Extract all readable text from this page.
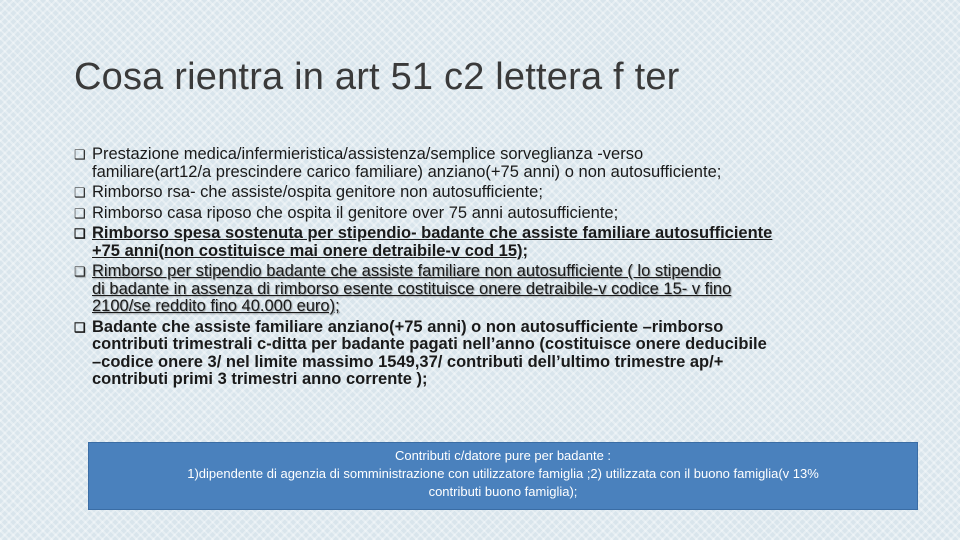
Cosa rientra in art 51 c2 lettera f ter
❑ Prestazione medica/infermieristica/assistenza/semplice sorveglianza -verso
familiare(art12/a prescindere carico familiare) anziano(+75 anni) o non autosufficiente;
❑ Rimborso rsa- che assiste/ospita genitore non autosufficiente;
❑ Rimborso casa riposo che ospita il genitore over 75 anni autosufficiente;
❑ Rimborso spesa sostenuta per stipendio- badante che assiste familiare autosufficiente
+75 anni(non costituisce mai onere detraibile-v cod 15);
❑ Rimborso per stipendio badante che assiste familiare non autosufficiente ( lo stipendio
di badante in assenza di rimborso esente costituisce onere detraibile-v codice 15- v fino
2100/se reddito fino 40.000 euro);
❑ Badante che assiste familiare anziano(+75 anni) o non autosufficiente –rimborso
contributi trimestrali c-ditta per badante pagati nell’anno (costituisce onere deducibile
–codice onere 3/ nel limite massimo 1549,37/ contributi dell’ultimo trimestre ap/+
contributi primi 3 trimestri anno corrente );
Contributi c/datore pure per badante :
1)dipendente di agenzia di somministrazione con utilizzatore famiglia ;2) utilizzata con il buono famiglia(v 13%
contributi buono famiglia);
